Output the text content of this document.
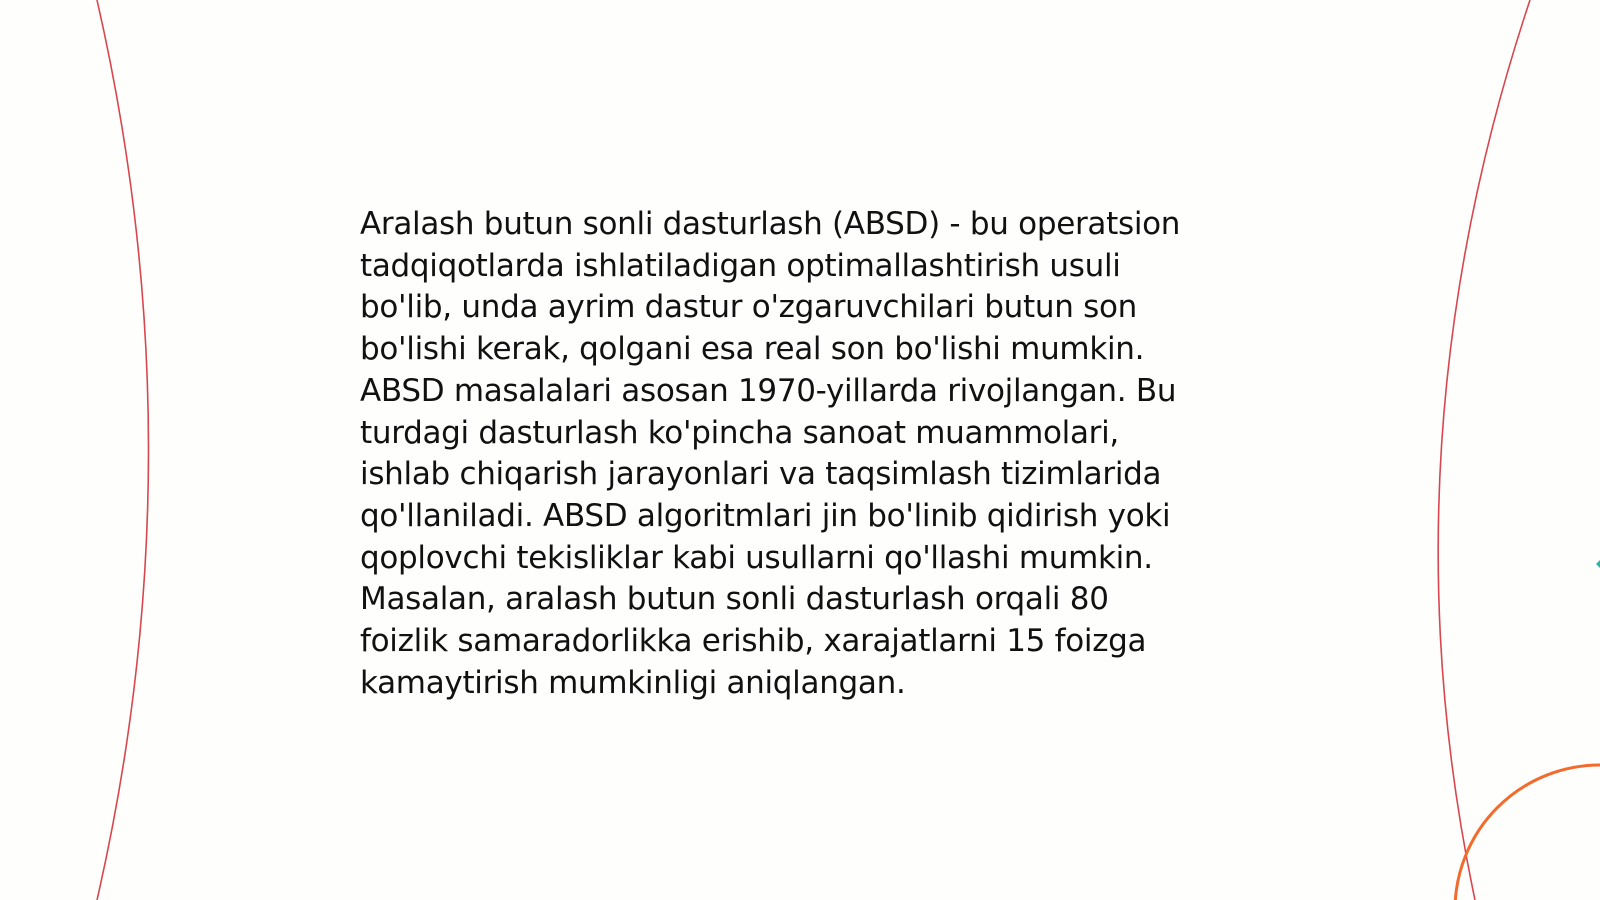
Aralash butun sonli dasturlash (ABSD) - bu operatsion
tadqiqotlarda ishlatiladigan optimallashtirish usuli
bo'lib, unda ayrim dastur o'zgaruvchilari butun son
bo'lishi kerak, qolgani esa real son bo'lishi mumkin.
ABSD masalalari asosan 1970-yillarda rivojlangan. Bu
turdagi dasturlash ko'pincha sanoat muammolari,
ishlab chiqarish jarayonlari va taqsimlash tizimlarida
qo'llaniladi. ABSD algoritmlari jin bo'linib qidirish yoki
qoplovchi tekisliklar kabi usullarni qo'llashi mumkin.
Masalan, aralash butun sonli dasturlash orqali 80
foizlik samaradorlikka erishib, xarajatlarni 15 foizga
kamaytirish mumkinligi aniqlangan.
